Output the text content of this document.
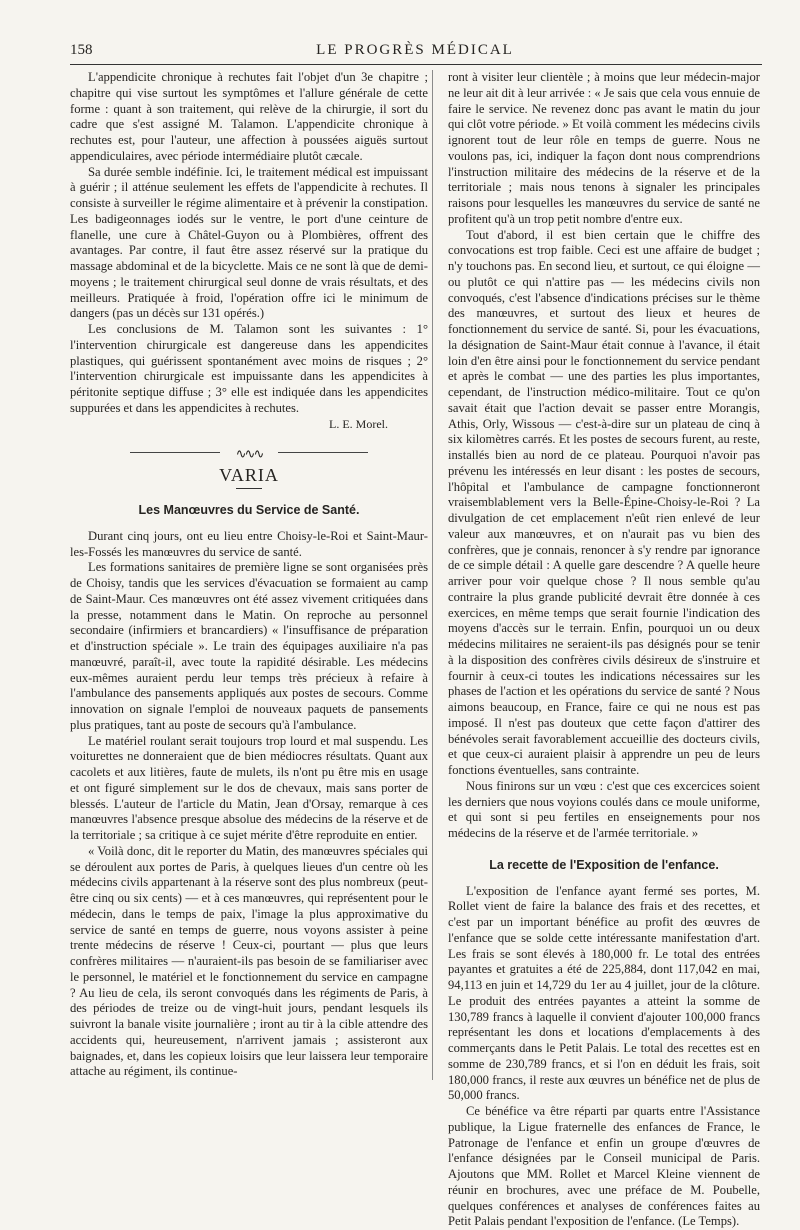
158	LE PROGRÈS MÉDICAL

L'appendicite chronique à rechutes fait l'objet d'un 3e chapitre ; chapitre qui vise surtout les symptômes et l'allure générale de cette forme : quant à son traitement, qui relève de la chirurgie, il sort du cadre que s'est assigné M. Talamon. L'appendicite chronique à rechutes est, pour l'auteur, une affection à poussées aiguës surtout appendiculaires, avec période intermédiaire plutôt cæcale.

Sa durée semble indéfinie. Ici, le traitement médical est impuissant à guérir ; il atténue seulement les effets de l'appendicite à rechutes. Il consiste à surveiller le régime alimentaire et à prévenir la constipation. Les badigeonnages iodés sur le ventre, le port d'une ceinture de flanelle, une cure à Châtel-Guyon ou à Plombières, offrent des avantages. Par contre, il faut être assez réservé sur la pratique du massage abdominal et de la bicyclette. Mais ce ne sont là que de demi-moyens ; le traitement chirurgical seul donne de vrais résultats, et des meilleurs. Pratiquée à froid, l'opération offre ici le minimum de dangers (pas un décès sur 131 opérés.)

Les conclusions de M. Talamon sont les suivantes : 1° l'intervention chirurgicale est dangereuse dans les appendicites plastiques, qui guérissent spontanément avec moins de risques ; 2° l'intervention chirurgicale est impuissante dans les appendicites à péritonite septique diffuse ; 3° elle est indiquée dans les appendicites suppurées et dans les appendicites à rechutes.

L. E. Morel.

∿∿∿
VARIA
Les Manœuvres du Service de Santé.

Durant cinq jours, ont eu lieu entre Choisy-le-Roi et Saint-Maur-les-Fossés les manœuvres du service de santé.

Les formations sanitaires de première ligne se sont organisées près de Choisy, tandis que les services d'évacuation se formaient au camp de Saint-Maur. Ces manœuvres ont été assez vivement critiquées dans la presse, notamment dans le Matin. On reproche au personnel secondaire (infirmiers et brancardiers) « l'insuffisance de préparation et d'instruction spéciale ». Le train des équipages auxiliaire n'a pas manœuvré, paraît-il, avec toute la rapidité désirable. Les médecins eux-mêmes auraient perdu leur temps très précieux à refaire à l'ambulance des pansements appliqués aux postes de secours. Comme innovation on signale l'emploi de nouveaux paquets de pansements plus pratiques, tant au poste de secours qu'à l'ambulance.

Le matériel roulant serait toujours trop lourd et mal suspendu. Les voiturettes ne donneraient que de bien médiocres résultats. Quant aux cacolets et aux litières, faute de mulets, ils n'ont pu être mis en usage et ont figuré simplement sur le dos de chevaux, mais sans porter de blessés. L'auteur de l'article du Matin, Jean d'Orsay, remarque à ces manœuvres l'absence presque absolue des médecins de la réserve et de la territoriale ; sa critique à ce sujet mérite d'être reproduite en entier.

« Voilà donc, dit le reporter du Matin, des manœuvres spéciales qui se déroulent aux portes de Paris, à quelques lieues d'un centre où les médecins civils appartenant à la réserve sont des plus nombreux (peut-être cinq ou six cents) — et à ces manœuvres, qui représentent pour le médecin, dans le temps de paix, l'image la plus approximative du service de santé en temps de guerre, nous voyons assister à peine trente médecins de réserve ! Ceux-ci, pourtant — plus que leurs confrères militaires — n'auraient-ils pas besoin de se familiariser avec le personnel, le matériel et le fonctionnement du service en campagne ? Au lieu de cela, ils seront convoqués dans les régiments de Paris, à des périodes de treize ou de vingt-huit jours, pendant lesquels ils suivront la banale visite journalière ; iront au tir à la cible attendre des accidents qui, heureusement, n'arrivent jamais ; assisteront aux baignades, et, dans les copieux loisirs que leur laissera leur temporaire attache au régiment, ils continue-

ront à visiter leur clientèle ; à moins que leur médecin-major ne leur ait dit à leur arrivée : « Je sais que cela vous ennuie de faire le service. Ne revenez donc pas avant le matin du jour qui clôt votre période. » Et voilà comment les médecins civils ignorent tout de leur rôle en temps de guerre. Nous ne voulons pas, ici, indiquer la façon dont nous comprendrions l'instruction militaire des médecins de la réserve et de la territoriale ; mais nous tenons à signaler les principales raisons pour lesquelles les manœuvres du service de santé ne profitent qu'à un trop petit nombre d'entre eux.

Tout d'abord, il est bien certain que le chiffre des convocations est trop faible. Ceci est une affaire de budget ; n'y touchons pas. En second lieu, et surtout, ce qui éloigne — ou plutôt ce qui n'attire pas — les médecins civils non convoqués, c'est l'absence d'indications précises sur le thème des manœuvres, et surtout des lieux et heures de fonctionnement du service de santé. Si, pour les évacuations, la désignation de Saint-Maur était connue à l'avance, il était loin d'en être ainsi pour le fonctionnement du service pendant et après le combat — une des parties les plus importantes, cependant, de l'instruction médico-militaire. Tout ce qu'on savait était que l'action devait se passer entre Morangis, Athis, Orly, Wissous — c'est-à-dire sur un plateau de cinq à six kilomètres carrés. Et les postes de secours furent, au reste, installés bien au nord de ce plateau. Pourquoi n'avoir pas prévenu les intéressés en leur disant : les postes de secours, l'hôpital et l'ambulance de campagne fonctionneront vraisemblablement vers la Belle-Épine-Choisy-le-Roi ? La divulgation de cet emplacement n'eût rien enlevé de leur valeur aux manœuvres, et on n'aurait pas vu bien des confrères, que je connais, renoncer à s'y rendre par ignorance de ce simple détail : A quelle gare descendre ? A quelle heure arriver pour voir quelque chose ? Il nous semble qu'au contraire la plus grande publicité devrait être donnée à ces exercices, en même temps que serait fournie l'indication des moyens d'accès sur le terrain. Enfin, pourquoi un ou deux médecins militaires ne seraient-ils pas désignés pour se tenir à la disposition des confrères civils désireux de s'instruire et fournir à ceux-ci toutes les indications nécessaires sur les phases de l'action et les opérations du service de santé ? Nous aimons beaucoup, en France, faire ce qui ne nous est pas imposé. Il n'est pas douteux que cette façon d'attirer des bénévoles serait favorablement accueillie des docteurs civils, et que ceux-ci auraient plaisir à apprendre un peu de leurs fonctions éventuelles, sans contrainte.

Nous finirons sur un vœu : c'est que ces excercices soient les derniers que nous voyions coulés dans ce moule uniforme, et qui sont si peu fertiles en enseignements pour nos médecins de la réserve et de l'armée territoriale. »

La recette de l'Exposition de l'enfance.

L'exposition de l'enfance ayant fermé ses portes, M. Rollet vient de faire la balance des frais et des recettes, et c'est par un important bénéfice au profit des œuvres de l'enfance que se solde cette intéressante manifestation d'art. Les frais se sont élevés à 180,000 fr. Le total des entrées payantes et gratuites a été de 225,884, dont 117,042 en mai, 94,113 en juin et 14,729 du 1er au 4 juillet, jour de la clôture. Le produit des entrées payantes a atteint la somme de 130,789 francs à laquelle il convient d'ajouter 100,000 francs représentant les dons et locations d'emplacements à des commerçants dans le Petit Palais. Le total des recettes est en somme de 230,789 francs, et si l'on en déduit les frais, soit 180,000 francs, il reste aux œuvres un bénéfice net de plus de 50,000 francs.

Ce bénéfice va être réparti par quarts entre l'Assistance publique, la Ligue fraternelle des enfances de France, le Patronage de l'enfance et enfin un groupe d'œuvres de l'enfance désignées par le Conseil municipal de Paris. Ajoutons que MM. Rollet et Marcel Kleine viennent de réunir en brochures, avec une préface de M. Poubelle, quelques conférences et analyses de conférences faites au Petit Palais pendant l'exposition de l'enfance. (Le Temps).
